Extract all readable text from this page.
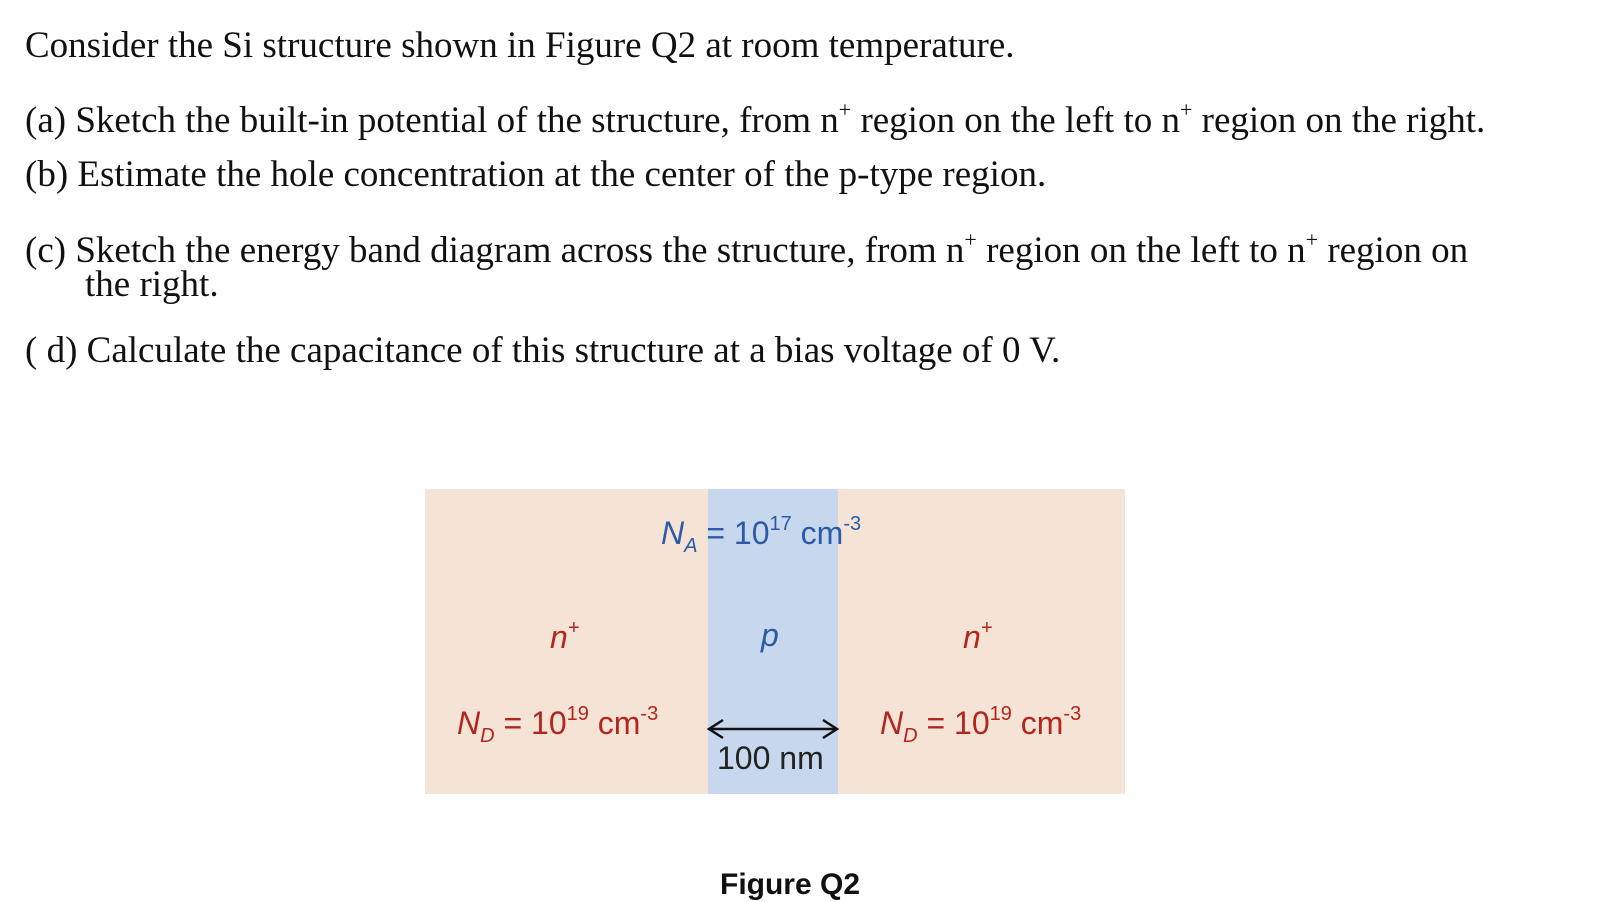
Consider the Si structure shown in Figure Q2 at room temperature.
(a) Sketch the built-in potential of the structure, from n+ region on the left to n+ region on the right.
(b) Estimate the hole concentration at the center of the p-type region.
(c) Sketch the energy band diagram across the structure, from n+ region on the left to n+ region on
the right.
( d) Calculate the capacitance of this structure at a bias voltage of 0 V.
$N_A = 10^{17}$ $cm^{-3}$
n+	p	n+
$N_D = 10^{19}$ $cm^{-3}$	$N_D = 10^{19}$ $cm^{-3}$
100 nm
Figure Q2
